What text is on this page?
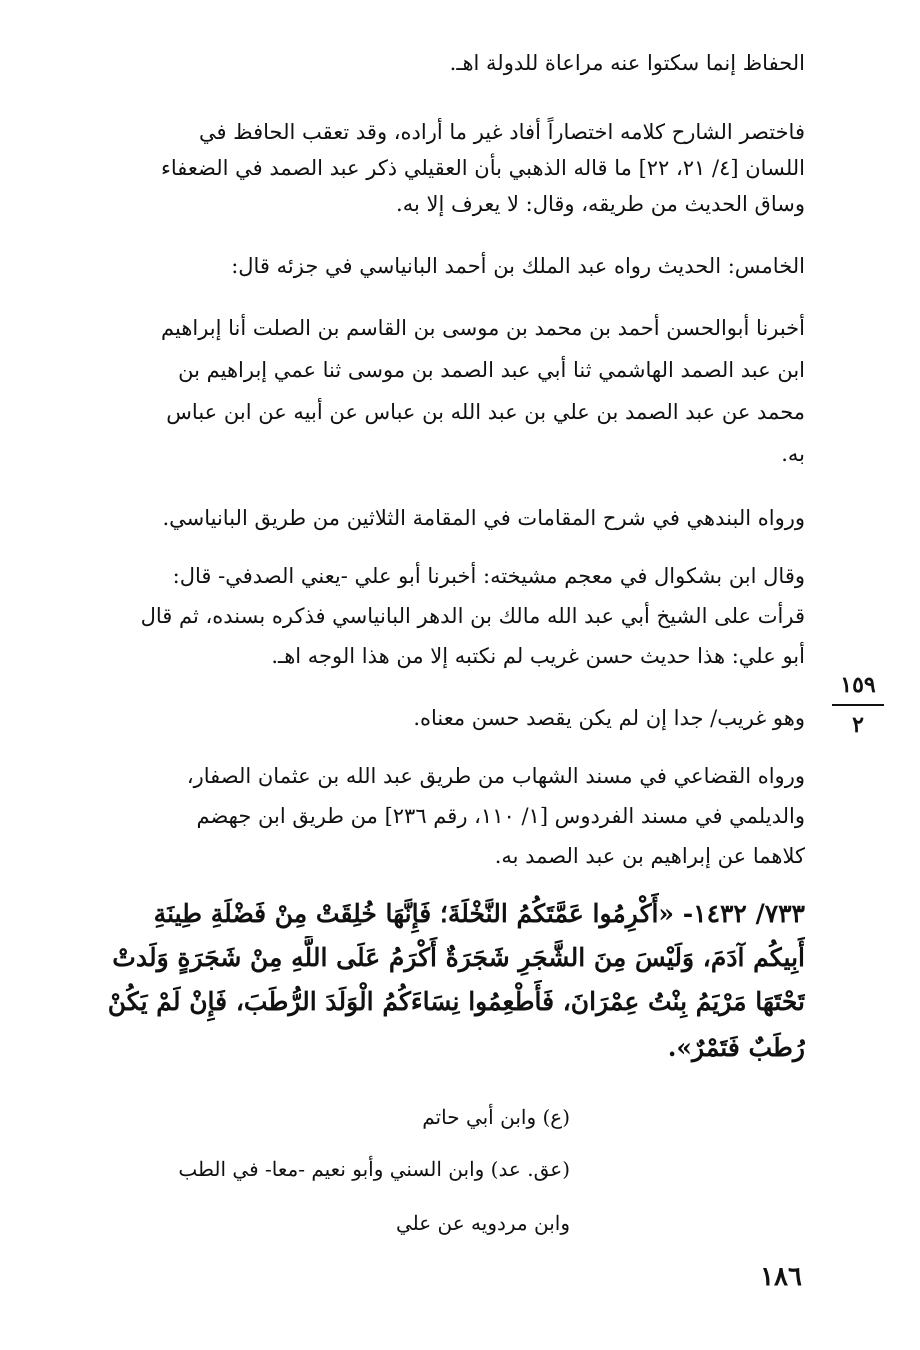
الحفاظ إنما سكتوا عنه مراعاة للدولة اهـ.
فاختصر الشارح كلامه اختصاراً أفاد غير ما أراده، وقد تعقب الحافظ في
اللسان [٤/ ٢١، ٢٢] ما قاله الذهبي بأن العقيلي ذكر عبد الصمد في الضعفاء
وساق الحديث من طريقه، وقال: لا يعرف إلا به.
الخامس: الحديث رواه عبد الملك بن أحمد البانياسي في جزئه قال:
أخبرنا أبوالحسن أحمد بن محمد بن موسى بن القاسم بن الصلت أنا إبراهيم
ابن عبد الصمد الهاشمي ثنا أبي عبد الصمد بن موسى ثنا عمي إبراهيم بن
محمد عن عبد الصمد بن علي بن عبد الله بن عباس عن أبيه عن ابن عباس
به.
ورواه البندهي في شرح المقامات في المقامة الثلاثين من طريق البانياسي.
وقال ابن بشكوال في معجم مشيخته: أخبرنا أبو علي -يعني الصدفي- قال:
قرأت على الشيخ أبي عبد الله مالك بن الدهر البانياسي فذكره بسنده، ثم قال
أبو علي: هذا حديث حسن غريب لم نكتبه إلا من هذا الوجه اهـ.
وهو غريب/ جدا إن لم يكن يقصد حسن معناه.
ورواه القضاعي في مسند الشهاب من طريق عبد الله بن عثمان الصفار،
والديلمي في مسند الفردوس [١/ ١١٠، رقم ٢٣٦] من طريق ابن جهضم
كلاهما عن إبراهيم بن عبد الصمد به.
٧٣٣/ ١٤٣٢- «أَكْرِمُوا عَمَّتَكُمُ النَّخْلَةَ؛ فَإِنَّهَا خُلِقَتْ مِنْ فَضْلَةِ طِينَةِ
أَبِيكُم آدَمَ، وَلَيْسَ مِنَ الشَّجَرِ شَجَرَةٌ أَكْرَمُ عَلَى اللَّهِ مِنْ شَجَرَةٍ وَلَدتْ
تَحْتَهَا مَرْيَمُ بِنْتُ عِمْرَانَ، فَأَطْعِمُوا نِسَاءَكُمُ الْوَلَدَ الرُّطَبَ، فَإِنْ لَمْ يَكُنْ
رُطَبٌ فَتَمْرٌ».
(ع) وابن أبي حاتم
(عق. عد) وابن السني وأبو نعيم -معا- في الطب
وابن مردويه عن علي
١٥٩
٢
١٨٦
